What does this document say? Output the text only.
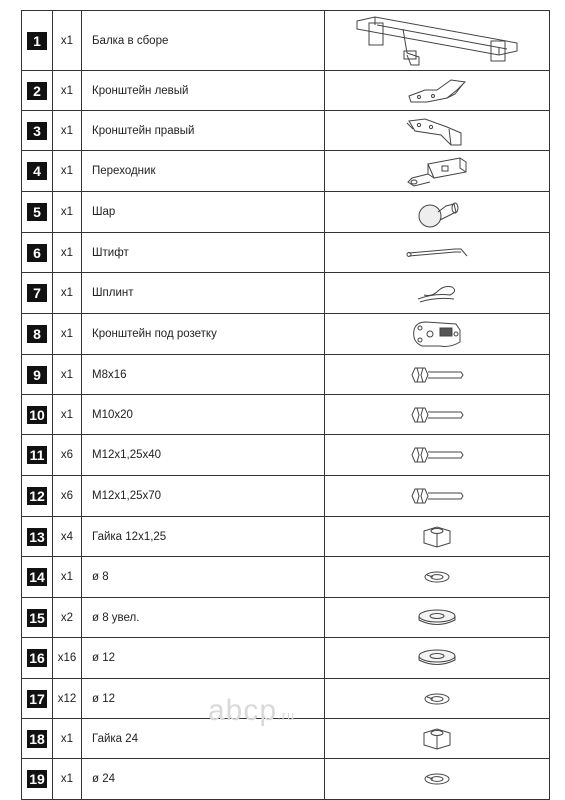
1	x1	Балка в сборе	

2	x1	Кронштейн левый	

3	x1	Кронштейн правый	

4	x1	Переходник	

5	x1	Шар	

6	x1	Штифт	

7	x1	Шплинт	

8	x1	Кронштейн под розетку	

9	x1	M8x16	

10	x1	M10x20	

11	x6	M12x1,25x40	

12	x6	M12x1,25x70	

13	x4	Гайка 12x1,25	

14	x1	ø 8	

15	x2	ø 8 увел.	

16	x16	ø 12	

17	x12	ø 12	

18	x1	Гайка 24	

19	x1	ø 24	
abcp.ru
